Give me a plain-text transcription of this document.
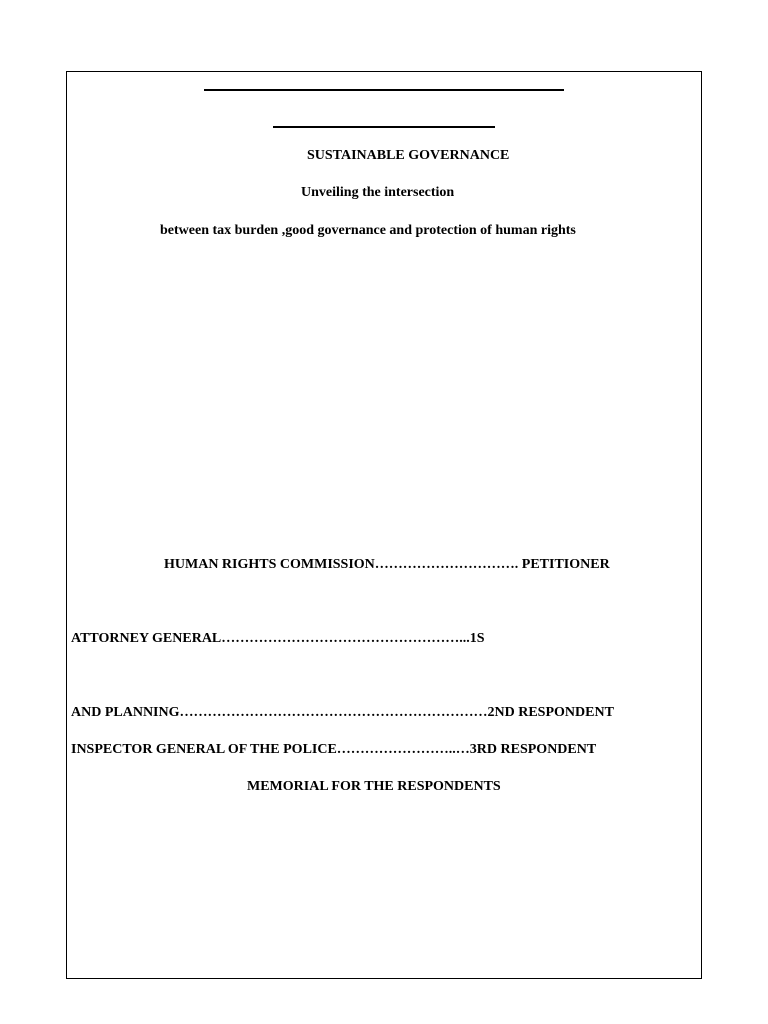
SUSTAINABLE GOVERNANCE
Unveiling the intersection
between tax burden ,good governance and protection of human rights
HUMAN RIGHTS COMMISSION…………………………. PETITIONER
ATTORNEY GENERAL……………………………………………...1S
AND PLANNING…………………………………………………………2ND RESPONDENT
INSPECTOR GENERAL OF THE POLICE……………………..…3RD RESPONDENT
MEMORIAL FOR THE RESPONDENTS
